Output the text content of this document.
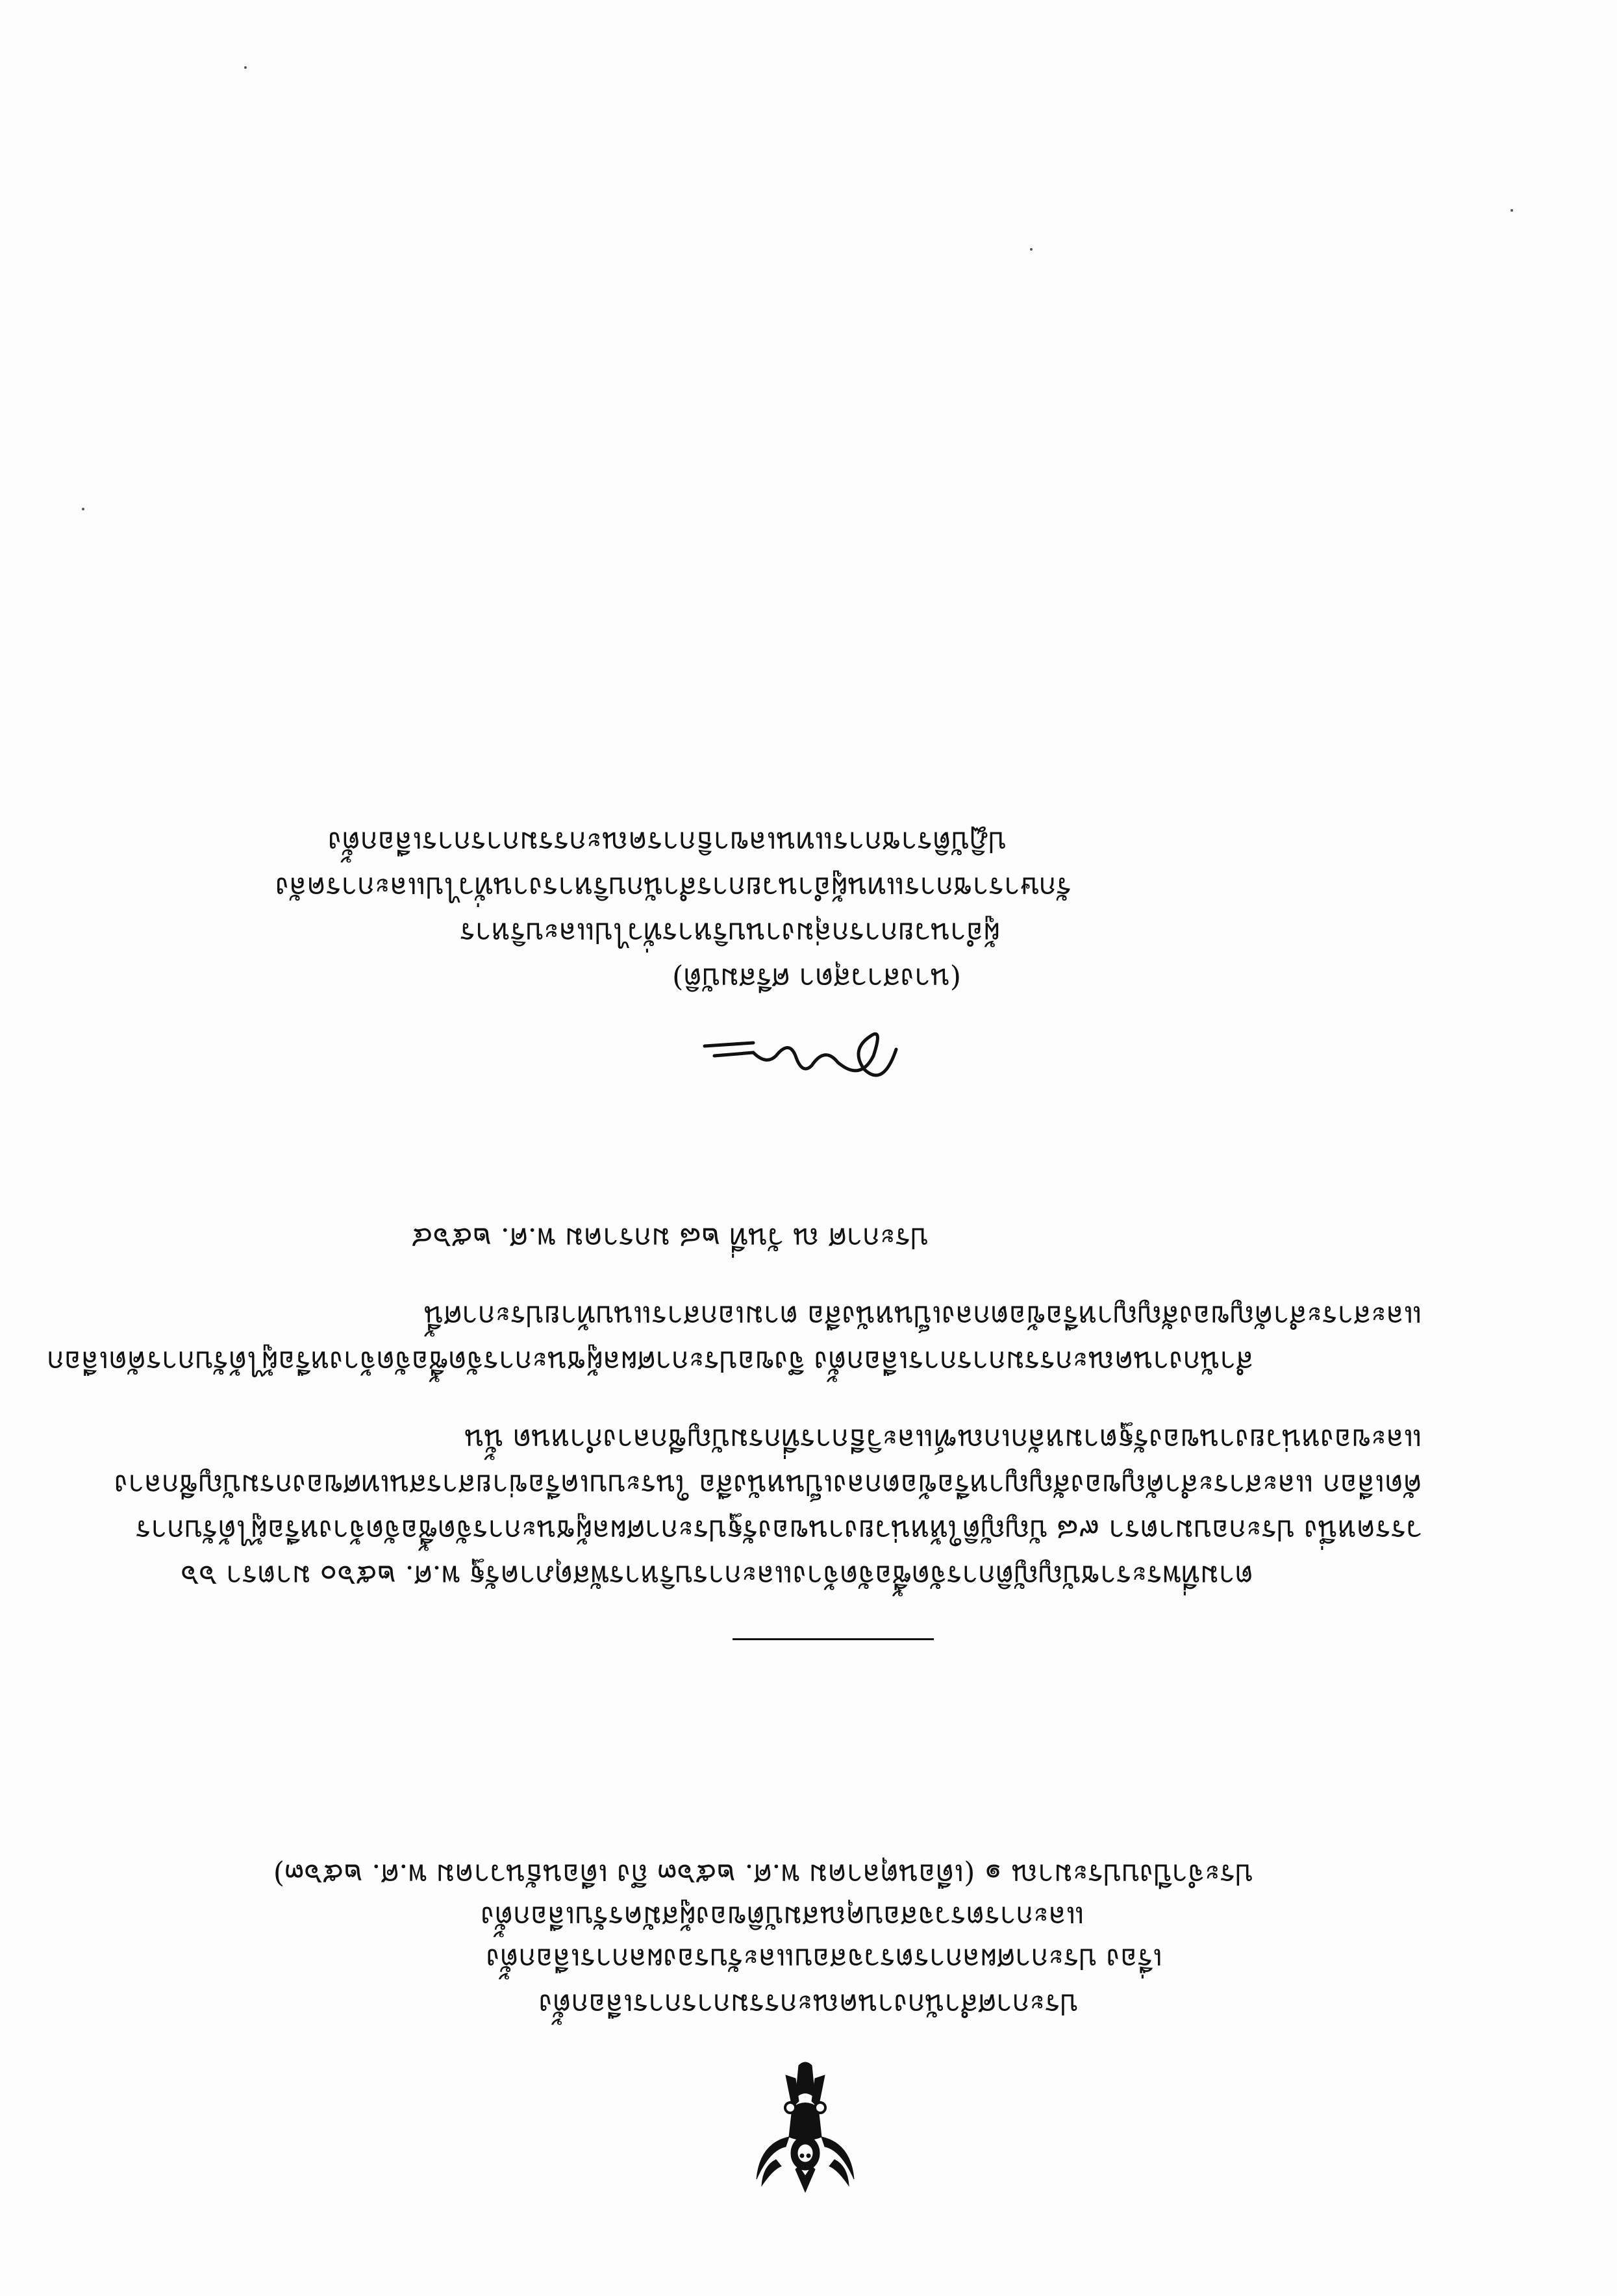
ประกาศสำนักงานคณะกรรมการการเลือกตั้ง
เรื่อง ประกาศผลการตรวจสอบและรับรองผลการเลือกตั้ง
และการตรวจสอบคุณสมบัติของผู้สมัครรับเลือกตั้ง
ประจำปีงบประมาณ ๑ (เดือนตุลาคม พ.ศ. ๒๕๖๓ ถึง เดือนธันวาคม พ.ศ. ๒๕๖๓)
ตามที่พระราชบัญญัติการจัดซื้อจัดจ้างและการบริหารพัสดุภาครัฐ พ.ศ. ๒๕๖๐ มาตรา ๖๖
วรรคหนึ่ง ประกอบมาตรา ๙๘ บัญญัติให้หน่วยงานของรัฐประกาศผลผู้ชนะการจัดซื้อจัดจ้างหรือผู้ได้รับการ
คัดเลือก และสาระสำคัญของสัญญาหรือข้อตกลงเป็นหนังสือ ในระบบเครือข่ายสารสนเทศของกรมบัญชีกลาง
และของหน่วยงานของรัฐตามหลักเกณฑ์และวิธีการที่กรมบัญชีกลางกำหนด นั้น
สำนักงานคณะกรรมการการเลือกตั้ง จึงขอประกาศผลผู้ชนะการจัดซื้อจัดจ้างหรือผู้ได้รับการคัดเลือก
และสาระสำคัญของสัญญาหรือข้อตกลงเป็นหนังสือ ตามเอกสารแนบท้ายประกาศนี้
ประกาศ ณ วันที่ ๒๘ มกราคม พ.ศ. ๒๕๖๔
(นางสาวสุดา ศรีสมบัติ)
ผู้อำนวยการกลุ่มงานบริหารทั่วไปและบริหาร
รักษาราชการแทนผู้อำนวยการสำนักบริหารงานทั่วไปและการคลัง
ปฏิบัติราชการแทนเลขาธิการคณะกรรมการการเลือกตั้ง
